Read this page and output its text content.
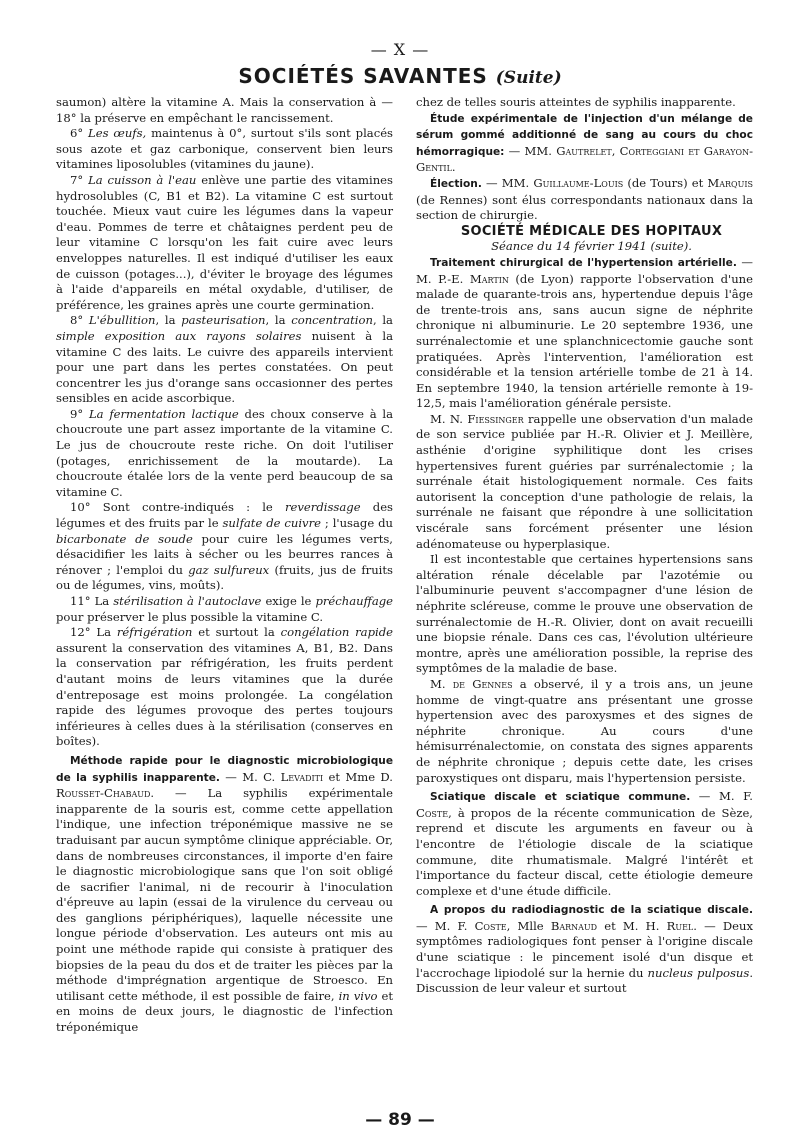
— X —
SOCIÉTÉS SAVANTES (Suite)

saumon) altère la vitamine A. Mais la conservation à — 18° la préserve en empêchant le rancissement.

6° Les œufs, maintenus à 0°, surtout s'ils sont placés sous azote et gaz carbonique, conservent bien leurs vitamines liposolubles (vitamines du jaune).

7° La cuisson à l'eau enlève une partie des vitamines hydrosolubles (C, B1 et B2). La vitamine C est surtout touchée. Mieux vaut cuire les légumes dans la vapeur d'eau. Pommes de terre et châtaignes perdent peu de leur vitamine C lorsqu'on les fait cuire avec leurs enveloppes naturelles. Il est indiqué d'utiliser les eaux de cuisson (potages...), d'éviter le broyage des légumes à l'aide d'appareils en métal oxydable, d'utiliser, de préférence, les graines après une courte germination.

8° L'ébullition, la pasteurisation, la concentration, la simple exposition aux rayons solaires nuisent à la vitamine C des laits. Le cuivre des appareils intervient pour une part dans les pertes constatées. On peut concentrer les jus d'orange sans occasionner des pertes sensibles en acide ascorbique.

9° La fermentation lactique des choux conserve à la choucroute une part assez importante de la vitamine C. Le jus de choucroute reste riche. On doit l'utiliser (potages, enrichissement de la moutarde). La choucroute étalée lors de la vente perd beaucoup de sa vitamine C.

10° Sont contre-indiqués : le reverdissage des légumes et des fruits par le sulfate de cuivre ; l'usage du bicarbonate de soude pour cuire les légumes verts, désacidifier les laits à sécher ou les beurres rances à rénover ; l'emploi du gaz sulfureux (fruits, jus de fruits ou de légumes, vins, moûts).

11° La stérilisation à l'autoclave exige le préchauffage pour préserver le plus possible la vitamine C.

12° La réfrigération et surtout la congélation rapide assurent la conservation des vitamines A, B1, B2. Dans la conservation par réfrigération, les fruits perdent d'autant moins de leurs vitamines que la durée d'entreposage est moins prolongée. La congélation rapide des légumes provoque des pertes toujours inférieures à celles dues à la stérilisation (conserves en boîtes).

Méthode rapide pour le diagnostic microbiologique de la syphilis inapparente. — M. C. Levaditi et Mme D. Rousset-Chabaud. — La syphilis expérimentale inapparente de la souris est, comme cette appellation l'indique, une infection tréponémique massive ne se traduisant par aucun symptôme clinique appréciable. Or, dans de nombreuses circonstances, il importe d'en faire le diagnostic microbiologique sans que l'on soit obligé de sacrifier l'animal, ni de recourir à l'inoculation d'épreuve au lapin (essai de la virulence du cerveau ou des ganglions périphériques), laquelle nécessite une longue période d'observation. Les auteurs ont mis au point une méthode rapide qui consiste à pratiquer des biopsies de la peau du dos et de traiter les pièces par la méthode d'imprégnation argentique de Stroesco. En utilisant cette méthode, il est possible de faire, in vivo et en moins de deux jours, le diagnostic de l'infection tréponémique

chez de telles souris atteintes de syphilis inapparente.

Étude expérimentale de l'injection d'un mélange de sérum gommé additionné de sang au cours du choc hémorragique: — MM. Gautrelet, Corteggiani et Garayon-Gentil.

Élection. — MM. Guillaume-Louis (de Tours) et Marquis (de Rennes) sont élus correspondants nationaux dans la section de chirurgie.

SOCIÉTÉ MÉDICALE DES HOPITAUX

Séance du 14 février 1941 (suite).

Traitement chirurgical de l'hypertension artérielle. — M. P.-E. Martin (de Lyon) rapporte l'observation d'une malade de quarante-trois ans, hypertendue depuis l'âge de trente-trois ans, sans aucun signe de néphrite chronique ni albuminurie. Le 20 septembre 1936, une surrénalectomie et une splanchnicectomie gauche sont pratiquées. Après l'intervention, l'amélioration est considérable et la tension artérielle tombe de 21 à 14. En septembre 1940, la tension artérielle remonte à 19-12,5, mais l'amélioration générale persiste.

M. N. Fiessinger rappelle une observation d'un malade de son service publiée par H.-R. Olivier et J. Meillère, asthénie d'origine syphilitique dont les crises hypertensives furent guéries par surrénalectomie ; la surrénale était histologiquement normale. Ces faits autorisent la conception d'une pathologie de relais, la surrénale ne faisant que répondre à une sollicitation viscérale sans forcément présenter une lésion adénomateuse ou hyperplasique.

Il est incontestable que certaines hypertensions sans altération rénale décelable par l'azotémie ou l'albuminurie peuvent s'accompagner d'une lésion de néphrite scléreuse, comme le prouve une observation de surrénalectomie de H.-R. Olivier, dont on avait recueilli une biopsie rénale. Dans ces cas, l'évolution ultérieure montre, après une amélioration possible, la reprise des symptômes de la maladie de base.

M. de Gennes a observé, il y a trois ans, un jeune homme de vingt-quatre ans présentant une grosse hypertension avec des paroxysmes et des signes de néphrite chronique. Au cours d'une hémisurrénalectomie, on constata des signes apparents de néphrite chronique ; depuis cette date, les crises paroxystiques ont disparu, mais l'hypertension persiste.

Sciatique discale et sciatique commune. — M. F. Coste, à propos de la récente communication de Sèze, reprend et discute les arguments en faveur ou à l'encontre de l'étiologie discale de la sciatique commune, dite rhumatismale. Malgré l'intérêt et l'importance du facteur discal, cette étiologie demeure complexe et d'une étude difficile.

A propos du radiodiagnostic de la sciatique discale. — M. F. Coste, Mlle Barnaud et M. H. Ruel. — Deux symptômes radiologiques font penser à l'origine discale d'une sciatique : le pincement isolé d'un disque et l'accrochage lipiodolé sur la hernie du nucleus pulposus. Discussion de leur valeur et surtout

— 89 —
